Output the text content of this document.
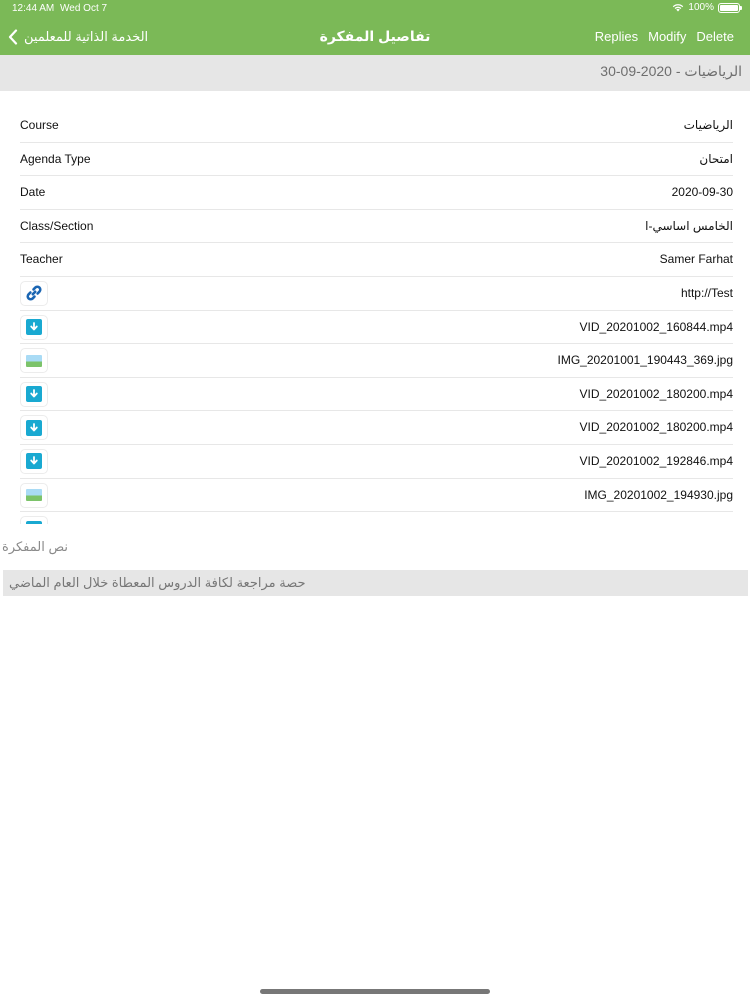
12:44 AM Wed Oct 7	100%
الخدمة الذاتية للمعلمين	تفاصيل المفكرة	Replies Modify Delete
الرياضيات - 2020-09-30
Course	الرياضيات
Agenda Type	امتحان
Date	2020-09-30
Class/Section	الخامس اساسي-ا
Teacher	Samer Farhat
http://Test
VID_20201002_160844.mp4
IMG_20201001_190443_369.jpg
VID_20201002_180200.mp4
VID_20201002_180200.mp4
VID_20201002_192846.mp4
IMG_20201002_194930.jpg
نص المفكرة
حصة مراجعة لكافة الدروس المعطاة خلال العام الماضي
